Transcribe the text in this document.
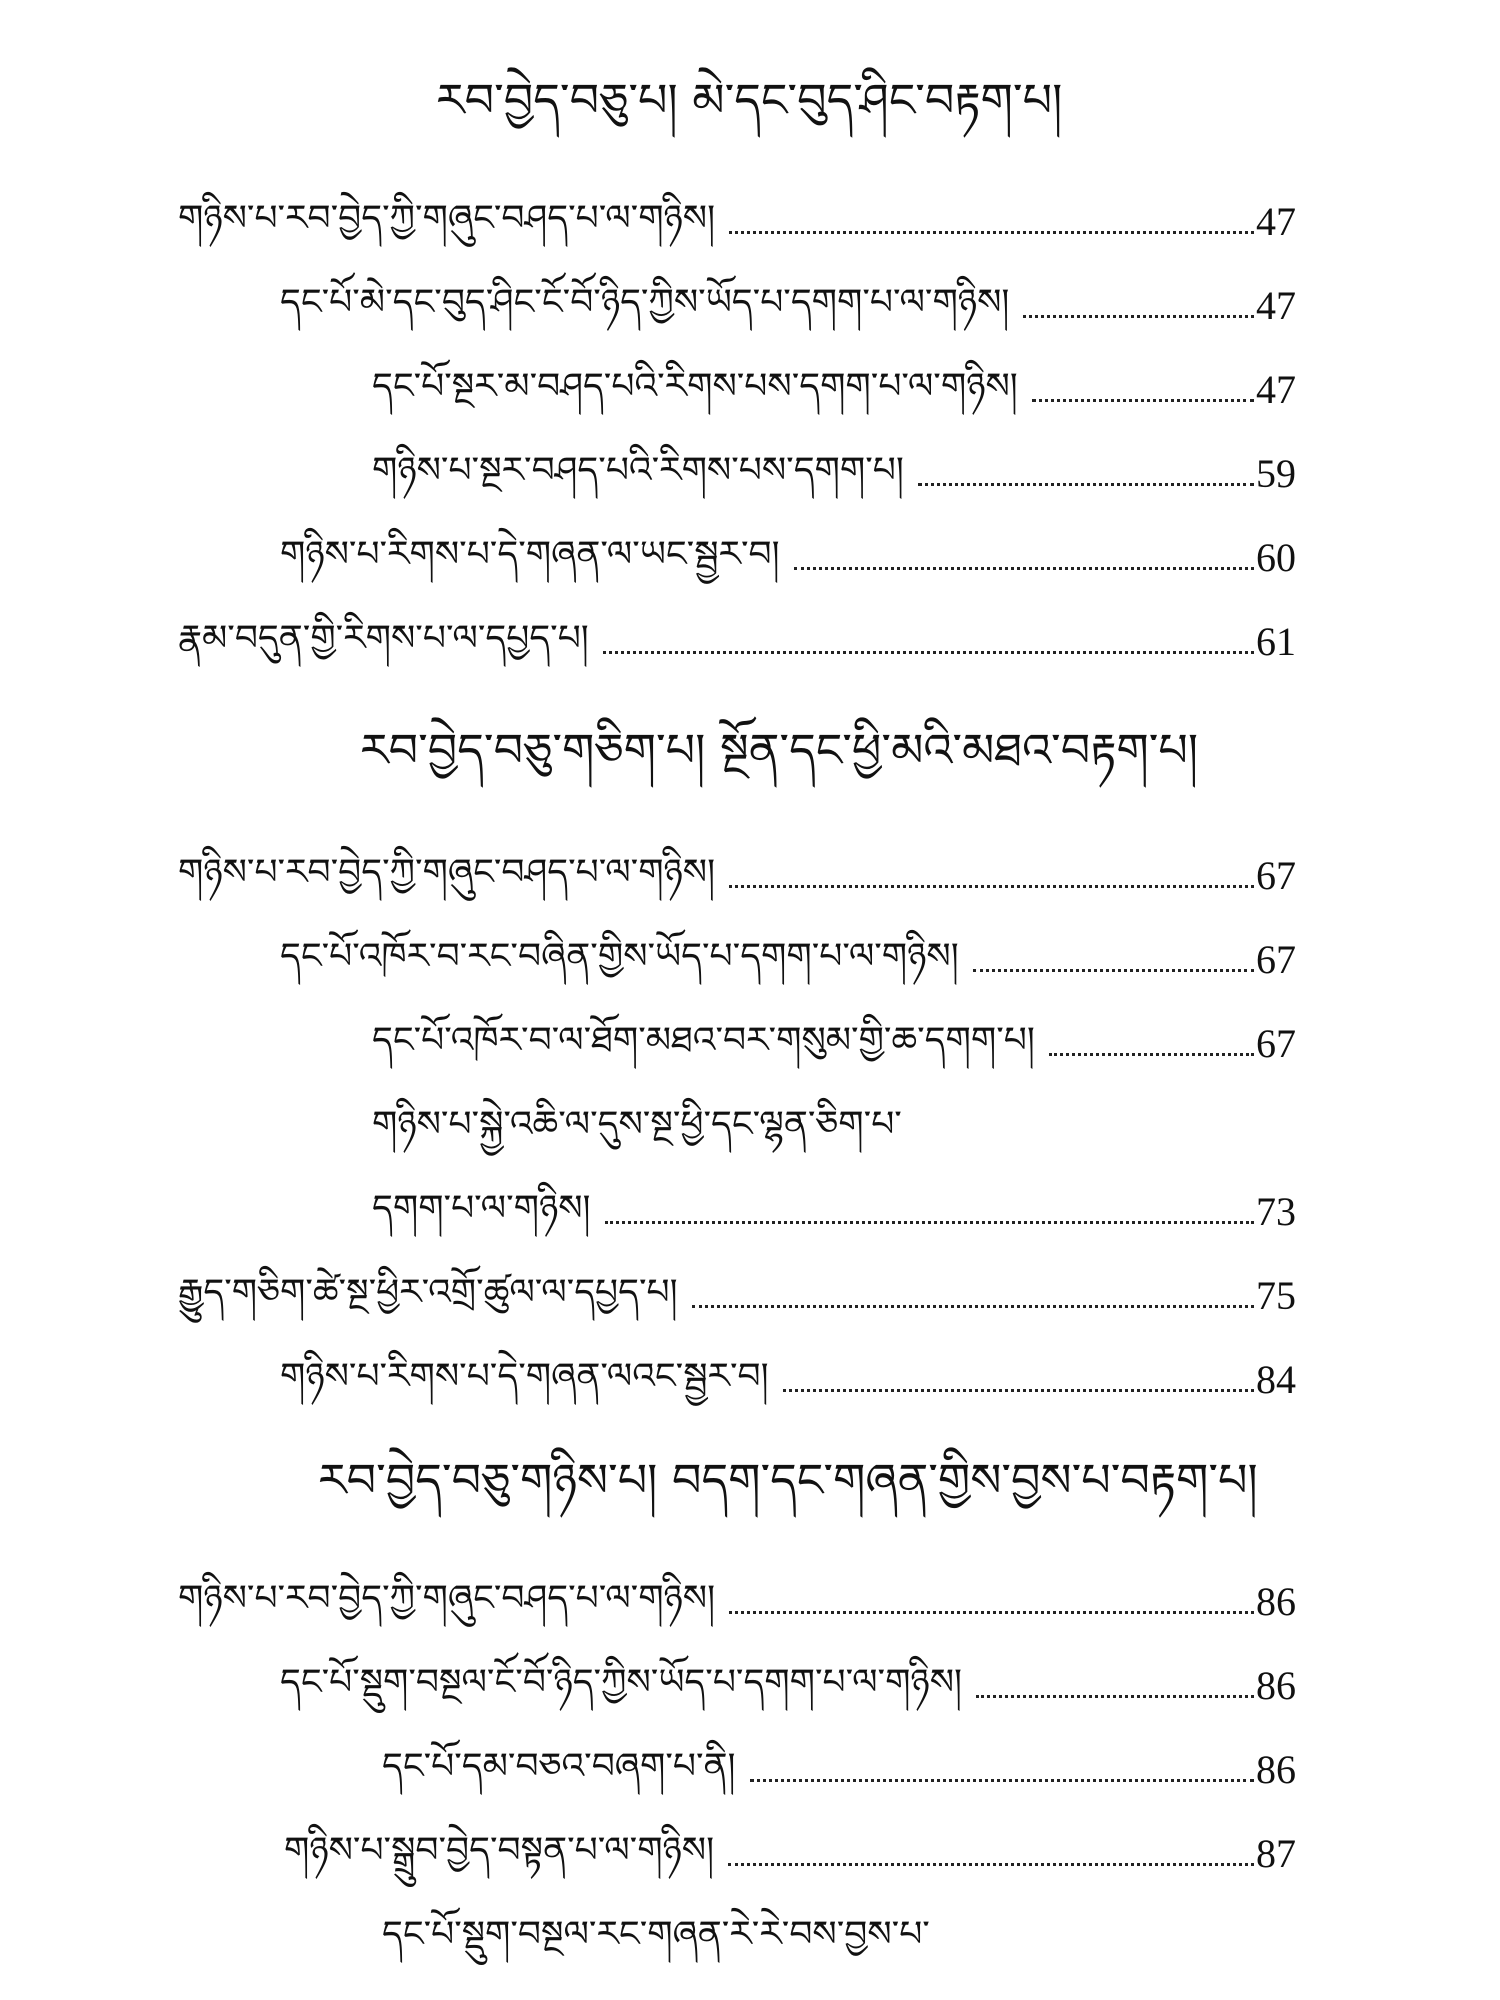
རབ་བྱེད་བཅུ་པ། མེ་དང་བུད་ཤིང་བརྟག་པ།
གཉིས་པ་རབ་བྱེད་ཀྱི་གཞུང་བཤད་པ་ལ་གཉིས།	47
དང་པོ་མེ་དང་བུད་ཤིང་ངོ་བོ་ཉིད་ཀྱིས་ཡོད་པ་དགག་པ་ལ་གཉིས།	47
དང་པོ་སྔར་མ་བཤད་པའི་རིགས་པས་དགག་པ་ལ་གཉིས།	47
གཉིས་པ་སྔར་བཤད་པའི་རིགས་པས་དགག་པ།	59
གཉིས་པ་རིགས་པ་དེ་གཞན་ལ་ཡང་སྦྱར་བ།	60
རྣམ་བདུན་གྱི་རིགས་པ་ལ་དཔྱད་པ།	61
རབ་བྱེད་བཅུ་གཅིག་པ། སྔོན་དང་ཕྱི་མའི་མཐའ་བརྟག་པ།
གཉིས་པ་རབ་བྱེད་ཀྱི་གཞུང་བཤད་པ་ལ་གཉིས།	67
དང་པོ་འཁོར་བ་རང་བཞིན་གྱིས་ཡོད་པ་དགག་པ་ལ་གཉིས།	67
དང་པོ་འཁོར་བ་ལ་ཐོག་མཐའ་བར་གསུམ་གྱི་ཆ་དགག་པ།	67
གཉིས་པ་སྐྱེ་འཆི་ལ་དུས་སྔ་ཕྱི་དང་ལྷན་ཅིག་པ་
དགག་པ་ལ་གཉིས།	73
རྒྱུད་གཅིག་ཚེ་སྔ་ཕྱིར་འགྲོ་ཚུལ་ལ་དཔྱད་པ།	75
གཉིས་པ་རིགས་པ་དེ་གཞན་ལའང་སྦྱར་བ།	84
རབ་བྱེད་བཅུ་གཉིས་པ། བདག་དང་གཞན་གྱིས་བྱས་པ་བརྟག་པ།
གཉིས་པ་རབ་བྱེད་ཀྱི་གཞུང་བཤད་པ་ལ་གཉིས།	86
དང་པོ་སྡུག་བསྔལ་ངོ་བོ་ཉིད་ཀྱིས་ཡོད་པ་དགག་པ་ལ་གཉིས།	86
དང་པོ་དམ་བཅའ་བཞག་པ་ནི།	86
གཉིས་པ་སྒྲུབ་བྱེད་བསྟན་པ་ལ་གཉིས།	87
དང་པོ་སྡུག་བསྔལ་རང་གཞན་རེ་རེ་བས་བྱས་པ་
